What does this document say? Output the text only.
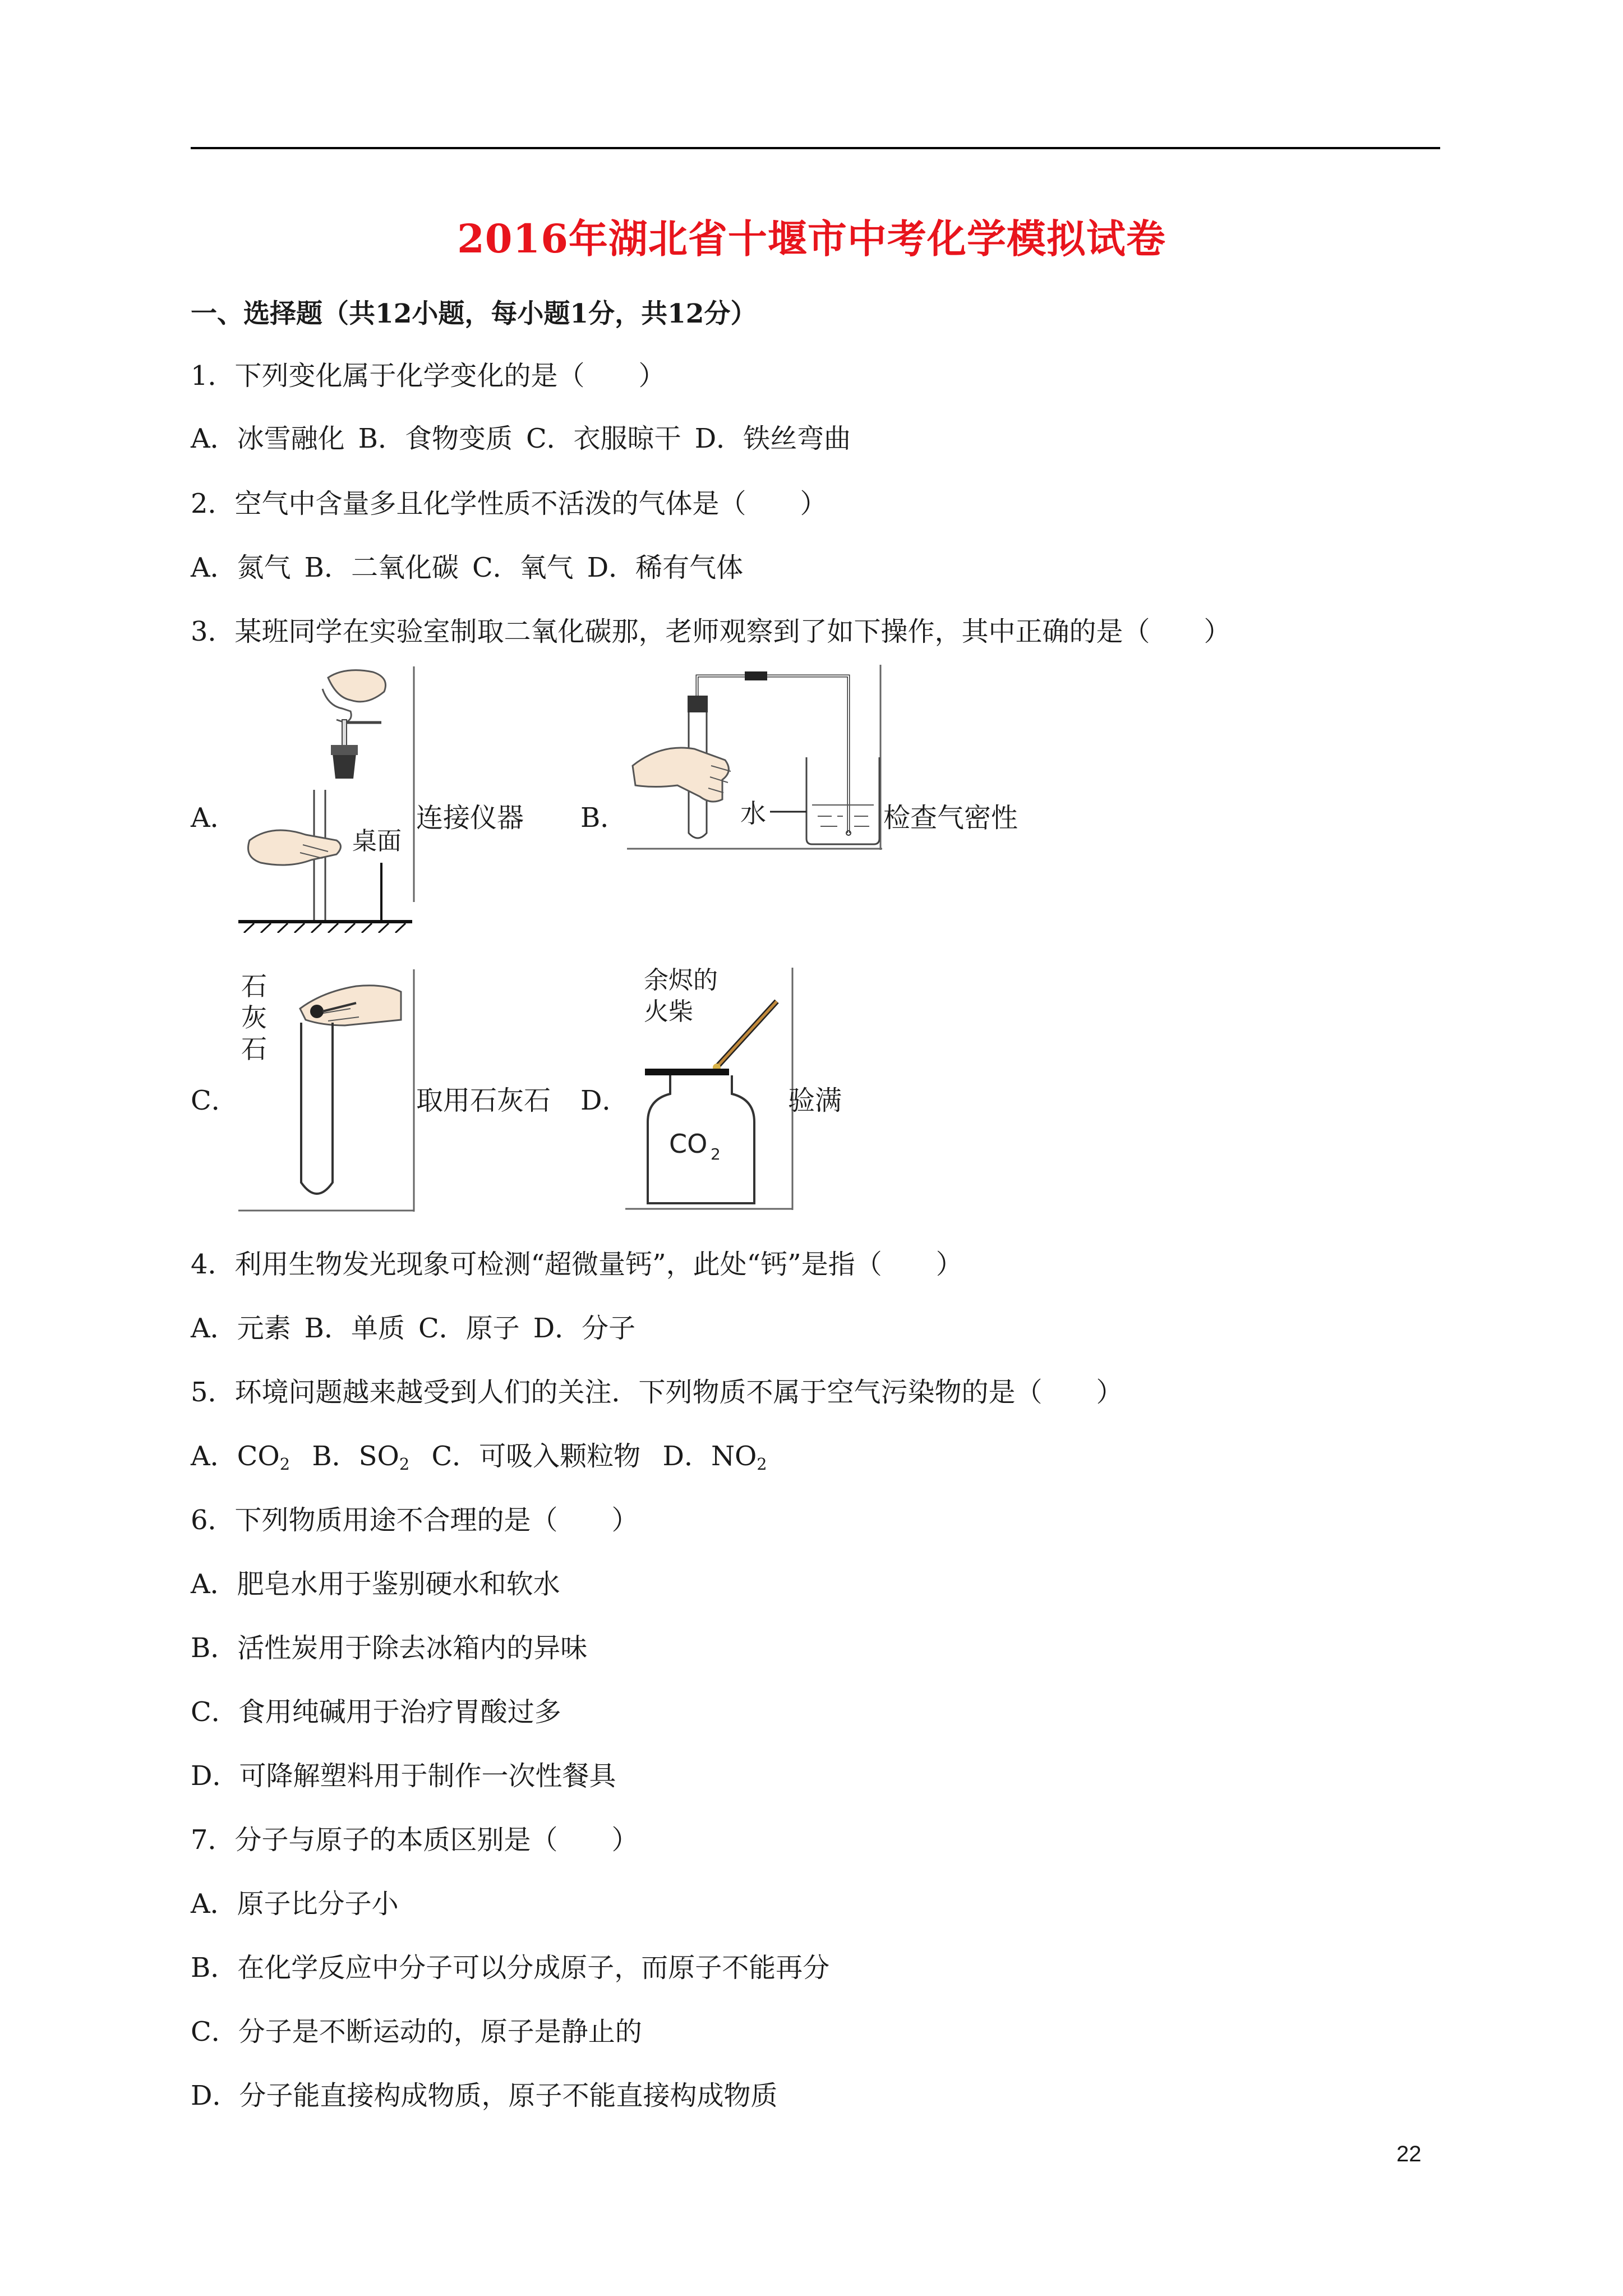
2016年湖北省十堰市中考化学模拟试卷
一、选择题（共12小题，每小题1分，共12分）
1．下列变化属于化学变化的是（　　）
A．冰雪融化 B．食物变质 C．衣服晾干 D．铁丝弯曲
2．空气中含量多且化学性质不活泼的气体是（　　）
A．氮气 B．二氧化碳 C．氧气 D．稀有气体
3．某班同学在实验室制取二氧化碳那，老师观察到了如下操作，其中正确的是（　　）
A．
桌面
连接仪器 B．	水	检查气密性
C．
石
灰
石
取用石灰石 D．
CO 2
余烬的
火柴
验满
4．利用生物发光现象可检测“超微量钙”，此处“钙”是指（　　）
A．元素 B．单质 C．原子 D．分子
5．环境问题越来越受到人们的关注．下列物质不属于空气污染物的是（　　）
A．$CO_2$ B．$SO_2$ C．可吸入颗粒物 D．$NO_2$
6．下列物质用途不合理的是（　　）
A．肥皂水用于鉴别硬水和软水
B．活性炭用于除去冰箱内的异味
C．食用纯碱用于治疗胃酸过多
D．可降解塑料用于制作一次性餐具
7．分子与原子的本质区别是（　　）
A．原子比分子小
B．在化学反应中分子可以分成原子，而原子不能再分
C．分子是不断运动的，原子是静止的
D．分子能直接构成物质，原子不能直接构成物质
22
